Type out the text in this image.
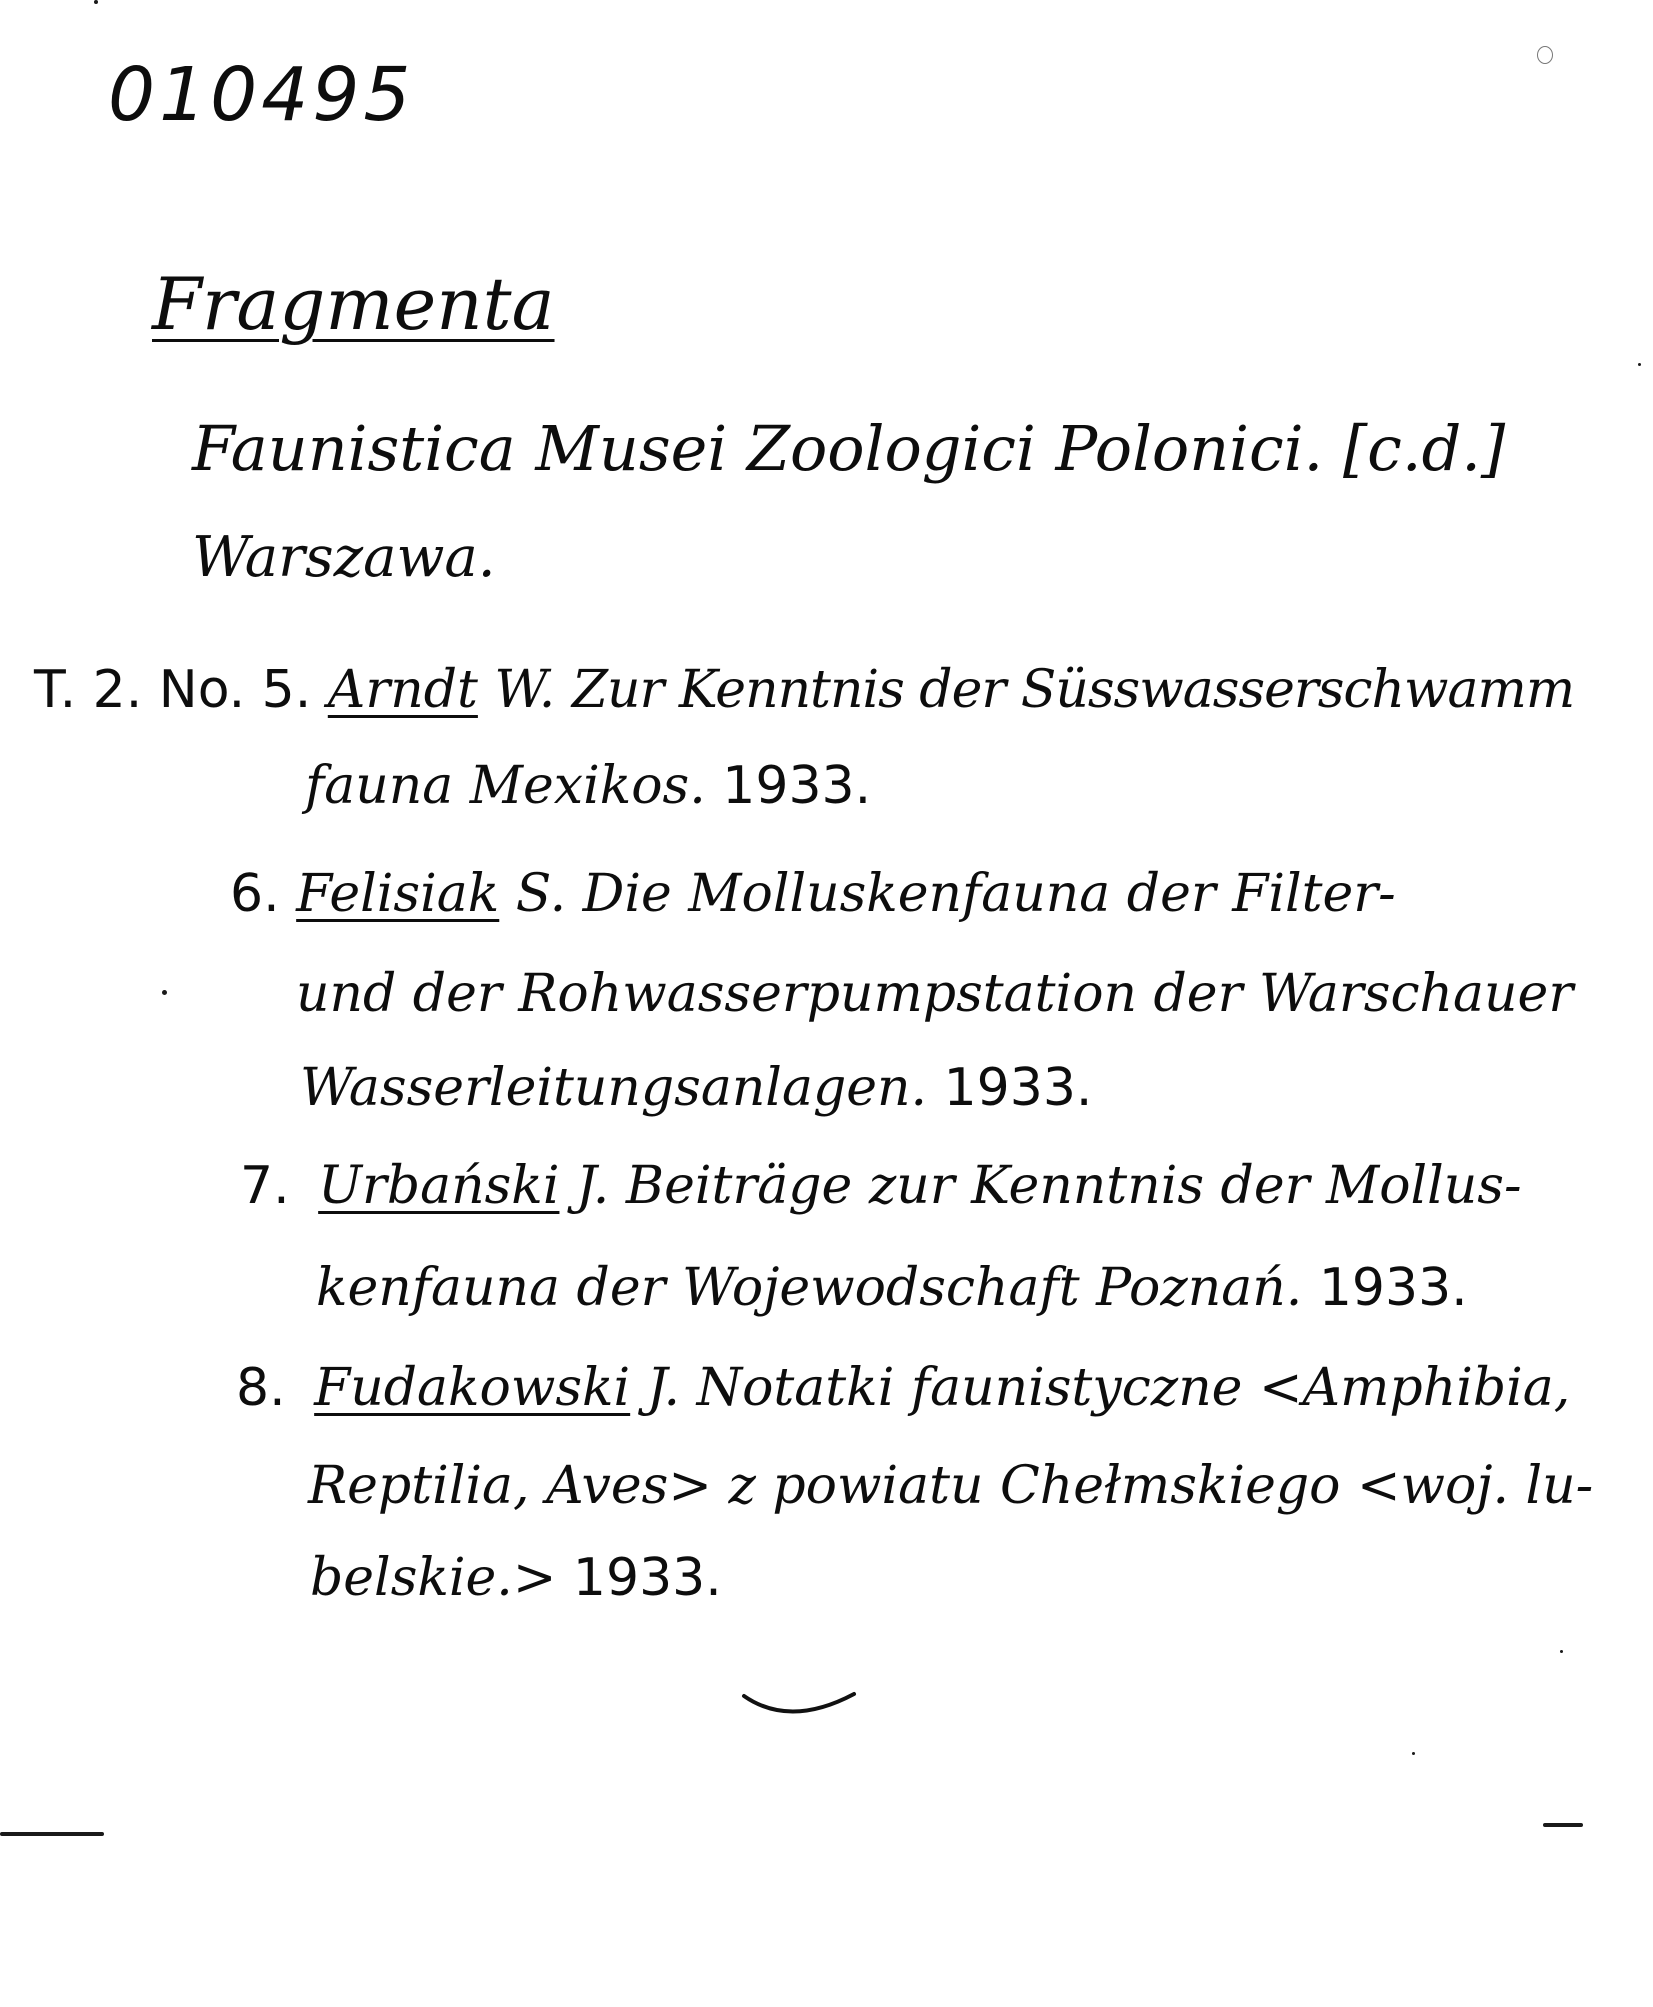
010495
Fragmenta
Faunistica Musei Zoologici Polonici. [c.d.]
Warszawa.
T. 2. No. 5. Arndt W. Zur Kenntnis der Süsswasserschwamm
fauna Mexikos. 1933.
6. Felisiak S. Die Molluskenfauna der Filter-
und der Rohwasserpumpstation der Warschauer
Wasserleitungsanlagen. 1933.
7. Urbański J. Beiträge zur Kenntnis der Mollus-
kenfauna der Wojewodschaft Poznań. 1933.
8. Fudakowski J. Notatki faunistyczne <Amphibia,
Reptilia, Aves> z powiatu Chełmskiego <woj. lu-
belskie.> 1933.
